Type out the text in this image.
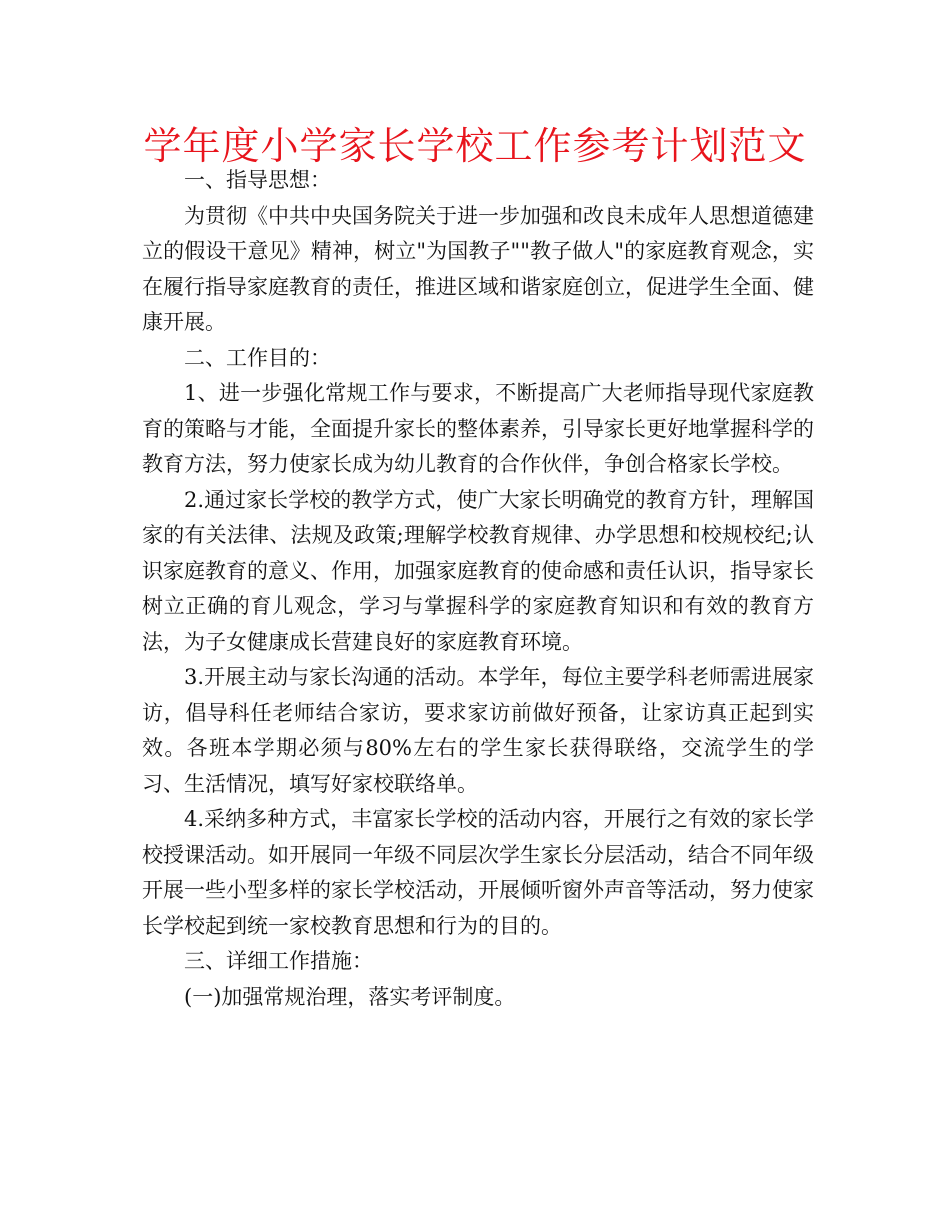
学年度小学家长学校工作参考计划范文

一、指导思想：

为贯彻《中共中央国务院关于进一步加强和改良未成年人思想道德建立的假设干意见》精神，树立"为国教子""教子做人"的家庭教育观念，实在履行指导家庭教育的责任，推进区域和谐家庭创立，促进学生全面、健康开展。

二、工作目的：

1、进一步强化常规工作与要求，不断提高广大老师指导现代家庭教育的策略与才能，全面提升家长的整体素养，引导家长更好地掌握科学的教育方法，努力使家长成为幼儿教育的合作伙伴，争创合格家长学校。

2.通过家长学校的教学方式，使广大家长明确党的教育方针，理解国家的有关法律、法规及政策;理解学校教育规律、办学思想和校规校纪;认识家庭教育的意义、作用，加强家庭教育的使命感和责任认识，指导家长树立正确的育儿观念，学习与掌握科学的家庭教育知识和有效的教育方法，为子女健康成长营建良好的家庭教育环境。

3.开展主动与家长沟通的活动。本学年，每位主要学科老师需进展家访，倡导科任老师结合家访，要求家访前做好预备，让家访真正起到实效。各班本学期必须与80%左右的学生家长获得联络，交流学生的学习、生活情况，填写好家校联络单。

4.采纳多种方式，丰富家长学校的活动内容，开展行之有效的家长学校授课活动。如开展同一年级不同层次学生家长分层活动，结合不同年级开展一些小型多样的家长学校活动，开展倾听窗外声音等活动，努力使家长学校起到统一家校教育思想和行为的目的。

三、详细工作措施：

(一)加强常规治理，落实考评制度。
